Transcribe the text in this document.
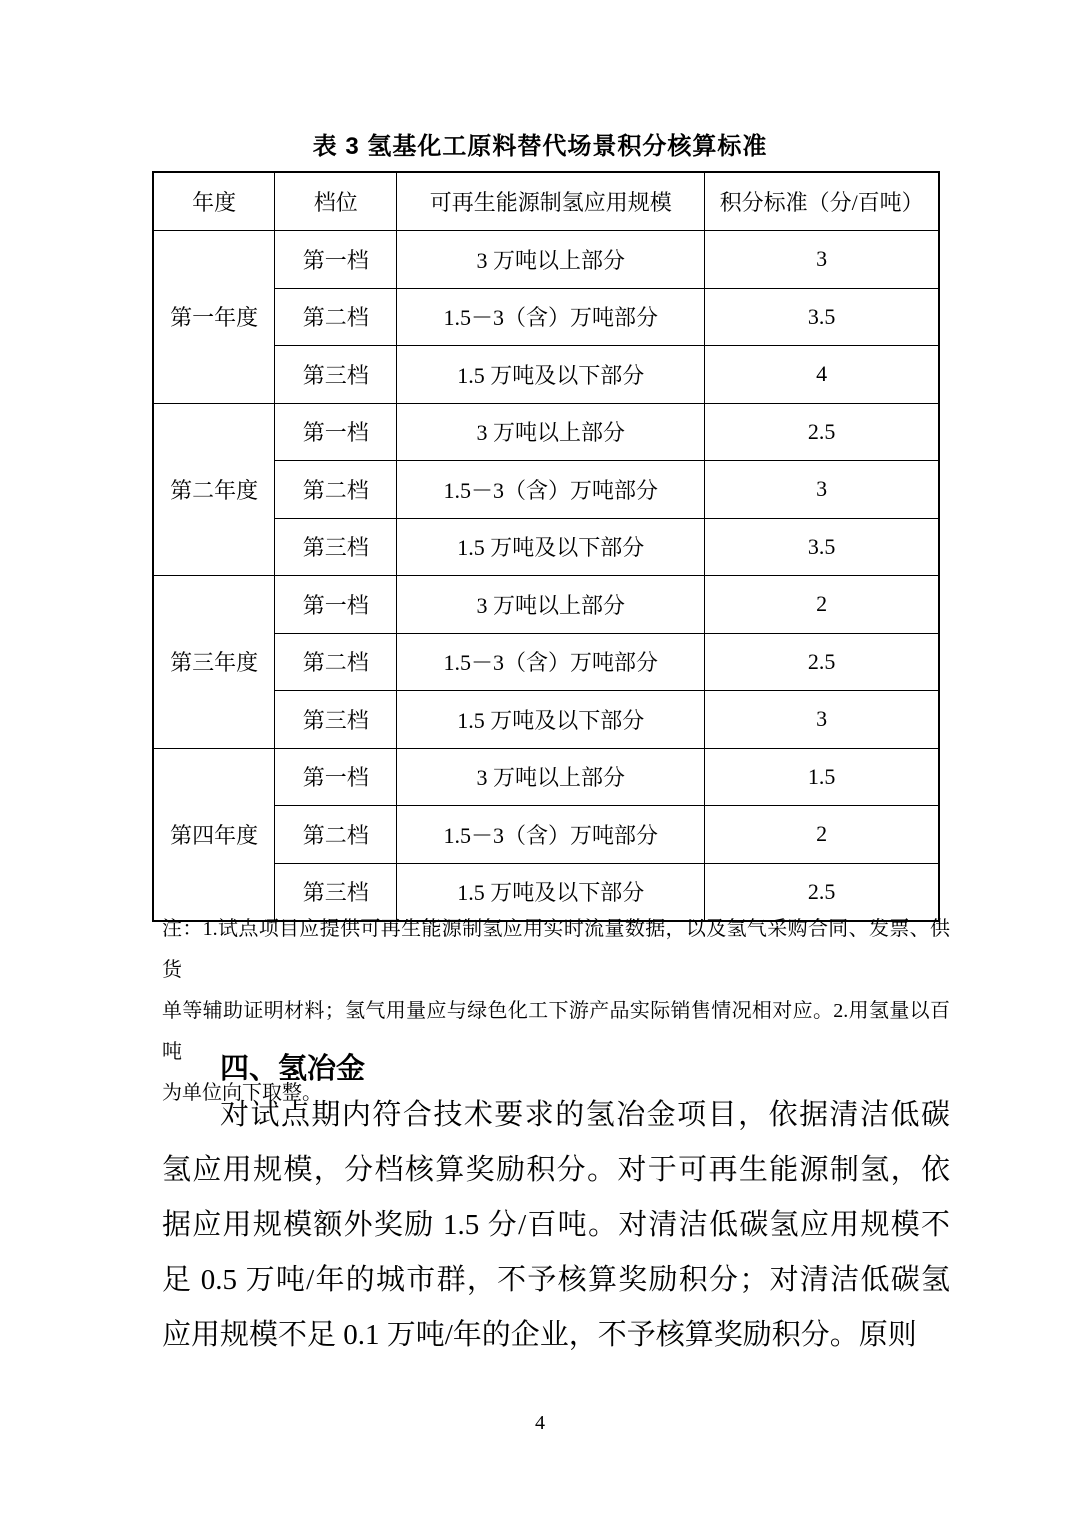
表 3 氢基化工原料替代场景积分核算标准
年度	档位	可再生能源制氢应用规模	积分标准（分/百吨）
第一年度	第一档	3 万吨以上部分	3
	第二档	1.5－3（含）万吨部分	3.5
	第三档	1.5 万吨及以下部分	4
第二年度	第一档	3 万吨以上部分	2.5
	第二档	1.5－3（含）万吨部分	3
	第三档	1.5 万吨及以下部分	3.5
第三年度	第一档	3 万吨以上部分	2
	第二档	1.5－3（含）万吨部分	2.5
	第三档	1.5 万吨及以下部分	3
第四年度	第一档	3 万吨以上部分	1.5
	第二档	1.5－3（含）万吨部分	2
	第三档	1.5 万吨及以下部分	2.5
注：1.试点项目应提供可再生能源制氢应用实时流量数据，以及氢气采购合同、发票、供货
单等辅助证明材料；氢气用量应与绿色化工下游产品实际销售情况相对应。2.用氢量以百吨
为单位向下取整。
四、氢冶金
对试点期内符合技术要求的氢冶金项目，依据清洁低碳
氢应用规模，分档核算奖励积分。对于可再生能源制氢，依
据应用规模额外奖励 1.5 分/百吨。对清洁低碳氢应用规模不
足 0.5 万吨/年的城市群，不予核算奖励积分；对清洁低碳氢
应用规模不足 0.1 万吨/年的企业，不予核算奖励积分。原则
4
